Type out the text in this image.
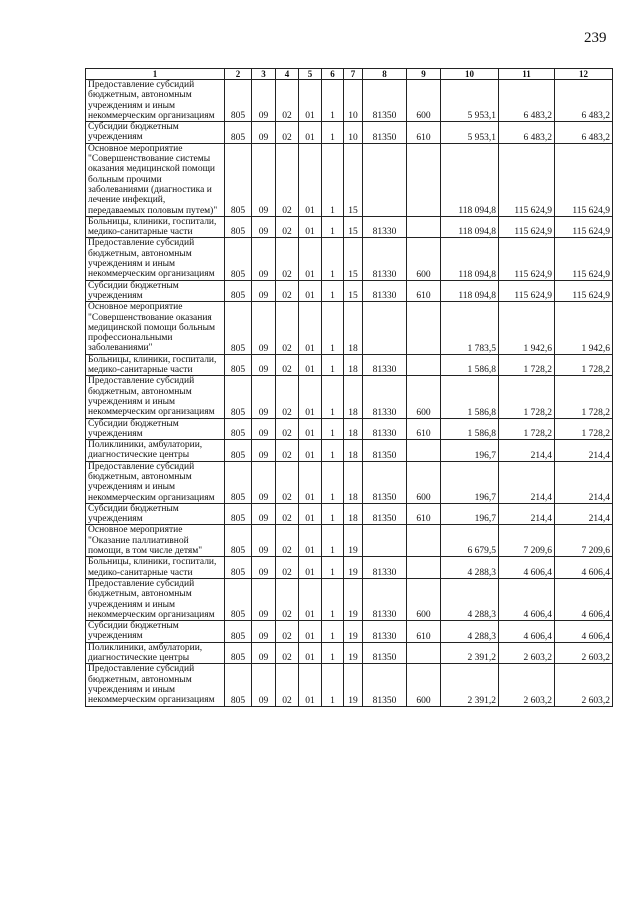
239
1	2	3	4	5	6	7	8	9	10	11	12
Предоставление субсидий бюджетным, автономным учреждениям и иным некоммерческим организациям	805	09	02	01	1	10	81350	600	5 953,1	6 483,2	6 483,2
Субсидии бюджетным учреждениям	805	09	02	01	1	10	81350	610	5 953,1	6 483,2	6 483,2
Основное мероприятие "Совершенствование системы оказания медицинской помощи больным прочими заболеваниями (диагностика и лечение инфекций, передаваемых половым путем)"	805	09	02	01	1	15			118 094,8	115 624,9	115 624,9
Больницы, клиники, госпитали, медико-санитарные части	805	09	02	01	1	15	81330		118 094,8	115 624,9	115 624,9
Предоставление субсидий бюджетным, автономным учреждениям и иным некоммерческим организациям	805	09	02	01	1	15	81330	600	118 094,8	115 624,9	115 624,9
Субсидии бюджетным учреждениям	805	09	02	01	1	15	81330	610	118 094,8	115 624,9	115 624,9
Основное мероприятие "Совершенствование оказания медицинской помощи больным профессиональными заболеваниями"	805	09	02	01	1	18			1 783,5	1 942,6	1 942,6
Больницы, клиники, госпитали, медико-санитарные части	805	09	02	01	1	18	81330		1 586,8	1 728,2	1 728,2
Предоставление субсидий бюджетным, автономным учреждениям и иным некоммерческим организациям	805	09	02	01	1	18	81330	600	1 586,8	1 728,2	1 728,2
Субсидии бюджетным учреждениям	805	09	02	01	1	18	81330	610	1 586,8	1 728,2	1 728,2
Поликлиники, амбулатории, диагностические центры	805	09	02	01	1	18	81350		196,7	214,4	214,4
Предоставление субсидий бюджетным, автономным учреждениям и иным некоммерческим организациям	805	09	02	01	1	18	81350	600	196,7	214,4	214,4
Субсидии бюджетным учреждениям	805	09	02	01	1	18	81350	610	196,7	214,4	214,4
Основное мероприятие "Оказание паллиативной помощи, в том числе детям"	805	09	02	01	1	19			6 679,5	7 209,6	7 209,6
Больницы, клиники, госпитали, медико-санитарные части	805	09	02	01	1	19	81330		4 288,3	4 606,4	4 606,4
Предоставление субсидий бюджетным, автономным учреждениям и иным некоммерческим организациям	805	09	02	01	1	19	81330	600	4 288,3	4 606,4	4 606,4
Субсидии бюджетным учреждениям	805	09	02	01	1	19	81330	610	4 288,3	4 606,4	4 606,4
Поликлиники, амбулатории, диагностические центры	805	09	02	01	1	19	81350		2 391,2	2 603,2	2 603,2
Предоставление субсидий бюджетным, автономным учреждениям и иным некоммерческим организациям	805	09	02	01	1	19	81350	600	2 391,2	2 603,2	2 603,2
